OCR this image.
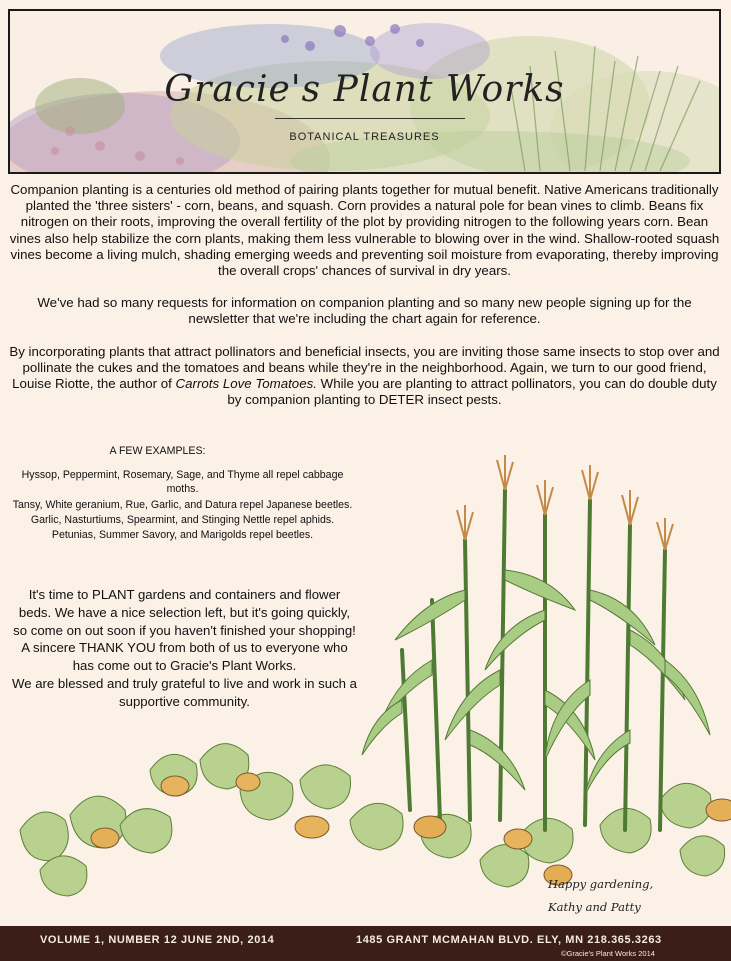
Gracie's Plant Works
BOTANICAL TREASURES

Companion planting is a centuries old method of pairing plants together for mutual benefit. Native Americans traditionally planted the 'three sisters' - corn, beans, and squash. Corn provides a natural pole for bean vines to climb. Beans fix nitrogen on their roots, improving the overall fertility of the plot by providing nitrogen to the following years corn. Bean vines also help stabilize the corn plants, making them less vulnerable to blowing over in the wind. Shallow-rooted squash vines become a living mulch, shading emerging weeds and preventing soil moisture from evaporating, thereby improving the overall crops' chances of survival in dry years.

We've had so many requests for information on companion planting and so many new people signing up for the newsletter that we're including the chart again for reference.

By incorporating plants that attract pollinators and beneficial insects, you are inviting those same insects to stop over and pollinate the cukes and the tomatoes and beans while they're in the neighborhood. Again, we turn to our good friend, Louise Riotte, the author of Carrots Love Tomatoes. While you are planting to attract pollinators, you can do double duty by companion planting to DETER insect pests.

A FEW EXAMPLES:
Hyssop, Peppermint, Rosemary, Sage, and Thyme all repel cabbage moths.
Tansy, White geranium, Rue, Garlic, and Datura repel Japanese beetles.
Garlic, Nasturtiums, Spearmint, and Stinging Nettle repel aphids.
Petunias, Summer Savory, and Marigolds repel beetles.

It's time to PLANT gardens and containers and flower beds. We have a nice selection left, but it's going quickly, so come on out soon if you haven't finished your shopping!

A sincere THANK YOU from both of us to everyone who has come out to Gracie's Plant Works.

We are blessed and truly grateful to live and work in such a supportive community.

Happy gardening,
Kathy and Patty
VOLUME 1, NUMBER 12 JUNE 2ND, 2014	1485 GRANT MCMAHAN BLVD. ELY, MN 218.365.3263
©Gracie's Plant Works 2014
